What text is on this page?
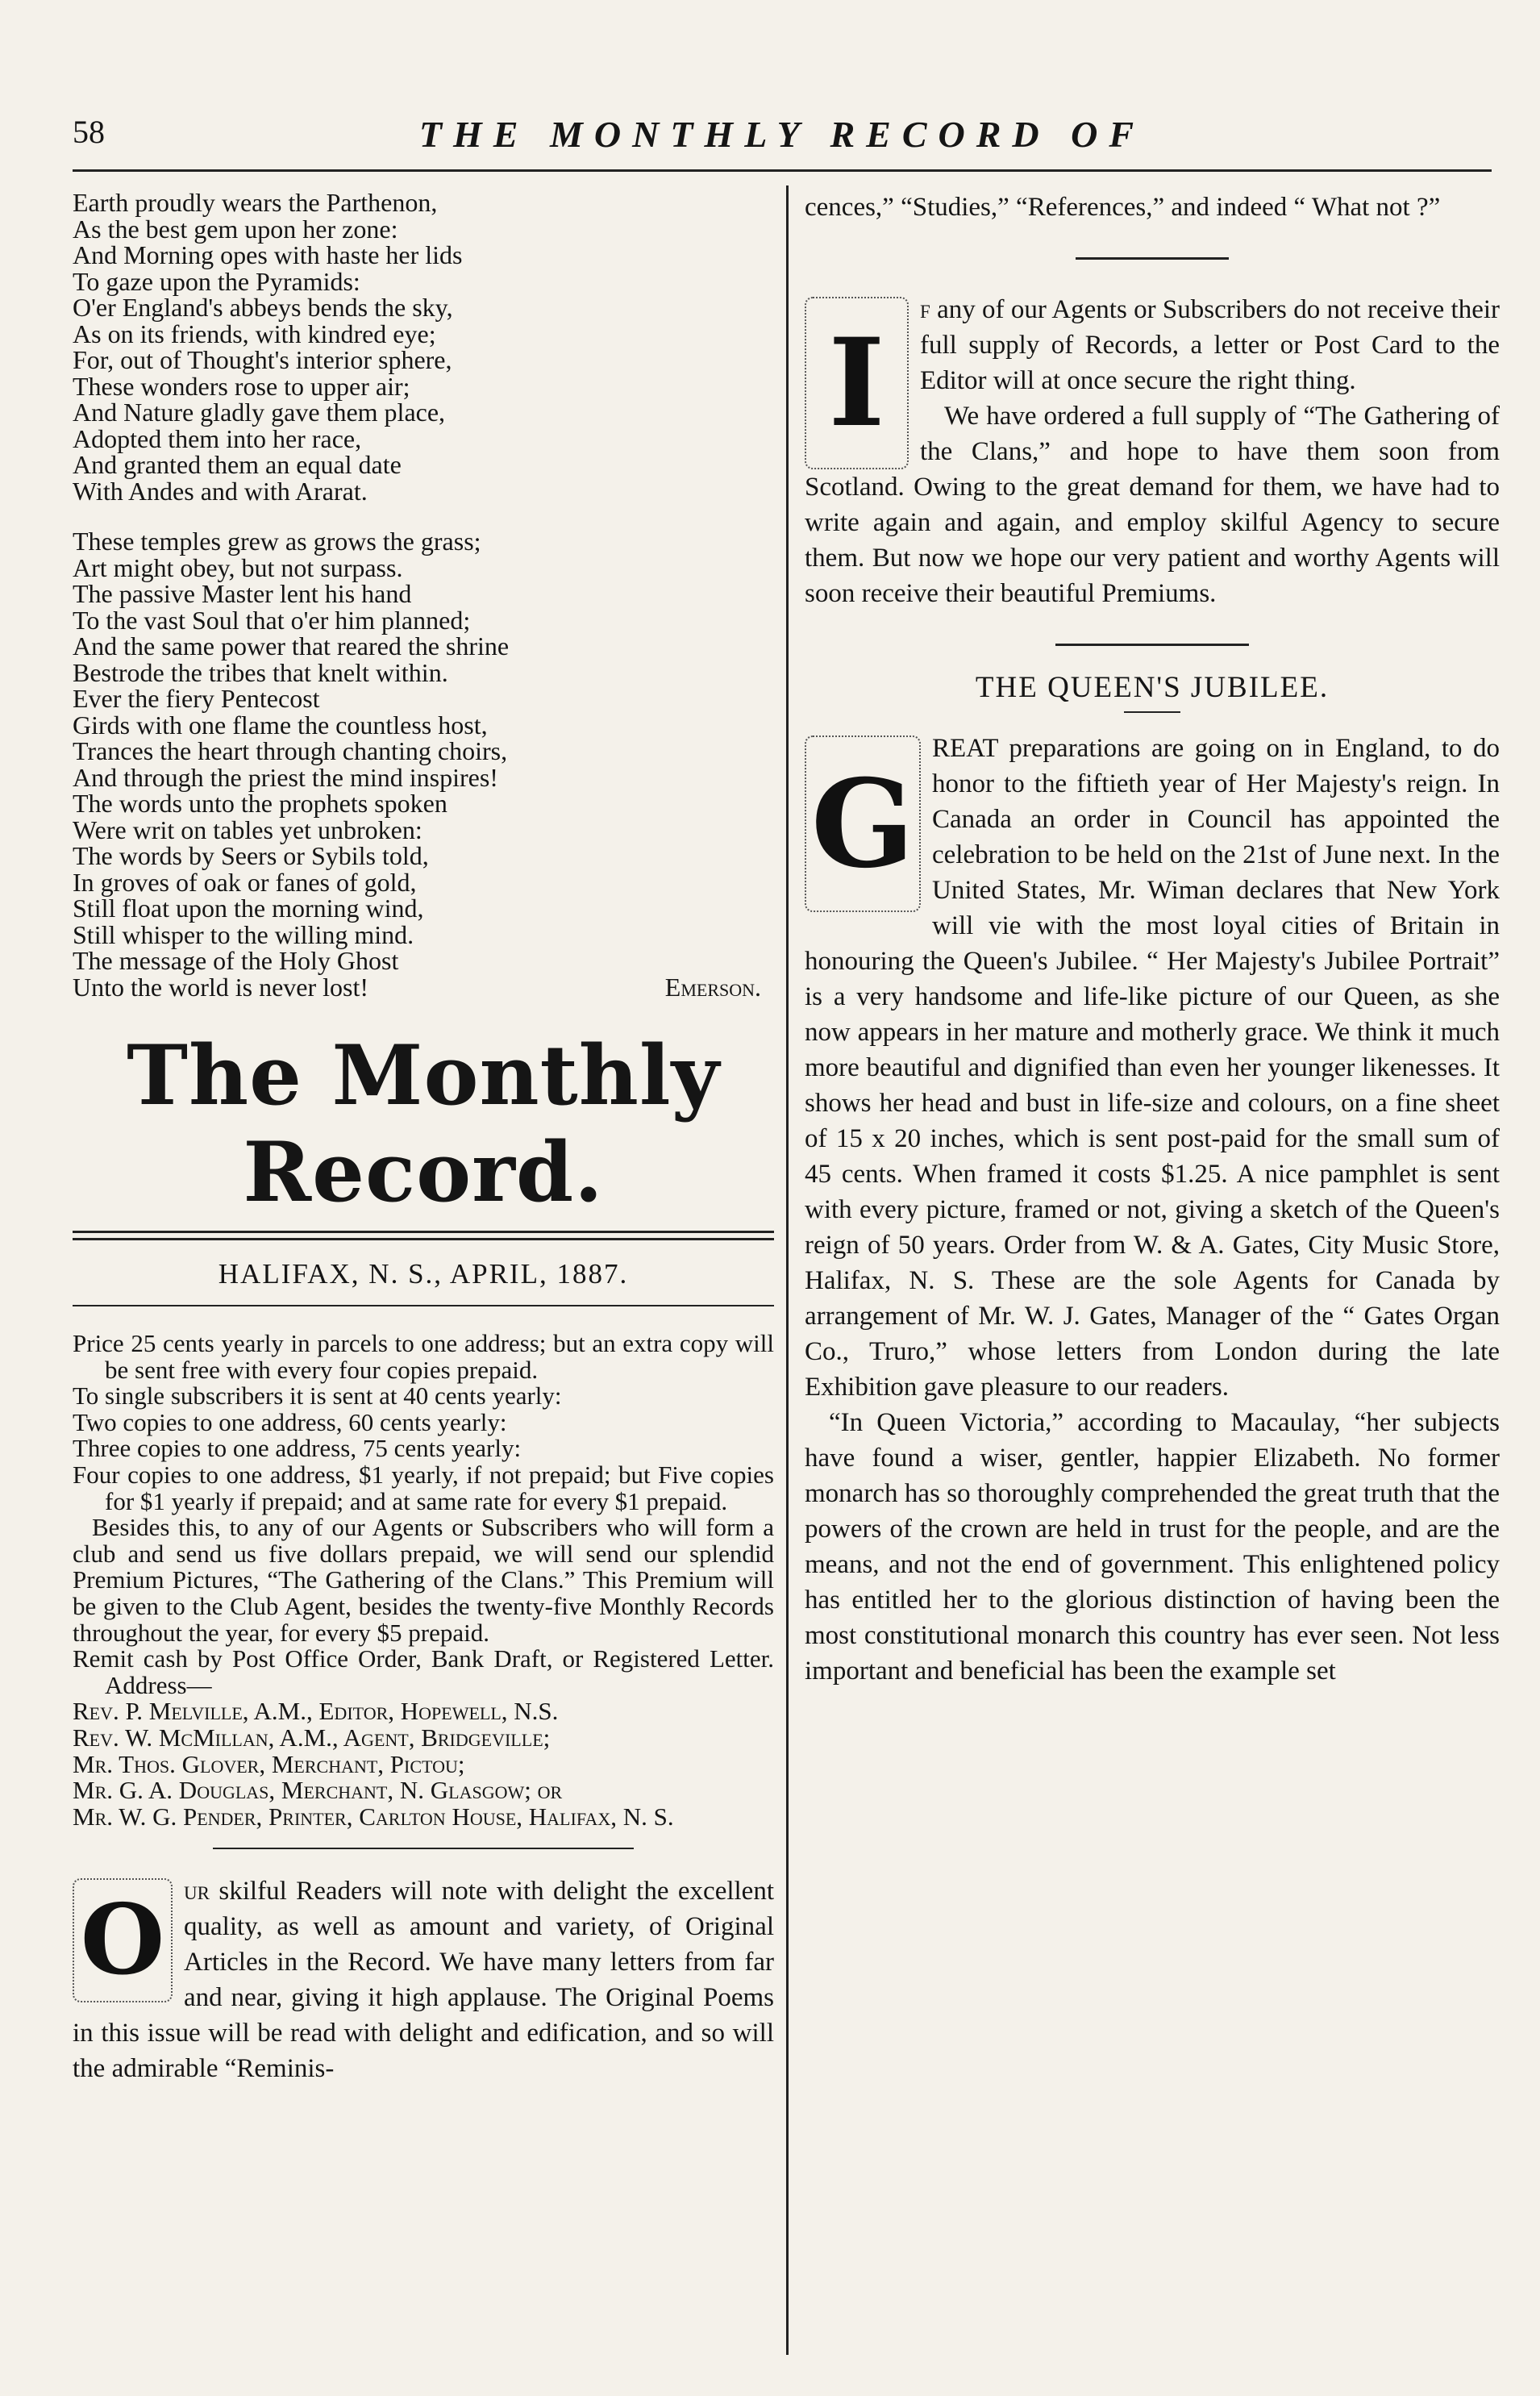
58	THE MONTHLY RECORD OF
Earth proudly wears the Parthenon,
As the best gem upon her zone:
And Morning opes with haste her lids
To gaze upon the Pyramids:
O'er England's abbeys bends the sky,
As on its friends, with kindred eye;
For, out of Thought's interior sphere,
These wonders rose to upper air;
And Nature gladly gave them place,
Adopted them into her race,
And granted them an equal date
With Andes and with Ararat.
These temples grew as grows the grass;
Art might obey, but not surpass.
The passive Master lent his hand
To the vast Soul that o'er him planned;
And the same power that reared the shrine
Bestrode the tribes that knelt within.
Ever the fiery Pentecost
Girds with one flame the countless host,
Trances the heart through chanting choirs,
And through the priest the mind inspires!
The words unto the prophets spoken
Were writ on tables yet unbroken:
The words by Seers or Sybils told,
In groves of oak or fanes of gold,
Still float upon the morning wind,
Still whisper to the willing mind.
The message of the Holy Ghost
Unto the world is never lost!	Emerson.
The Monthly Record.
HALIFAX, N. S., APRIL, 1887.

Price 25 cents yearly in parcels to one address; but an extra copy will be sent free with every four copies prepaid.

To single subscribers it is sent at 40 cents yearly:

Two copies to one address, 60 cents yearly:

Three copies to one address, 75 cents yearly:

Four copies to one address, $1 yearly, if not prepaid; but Five copies for $1 yearly if prepaid; and at same rate for every $1 prepaid.

Besides this, to any of our Agents or Subscribers who will form a club and send us five dollars prepaid, we will send our splendid Premium Pictures, “The Gathering of the Clans.” This Premium will be given to the Club Agent, besides the twenty-five Monthly Records throughout the year, for every $5 prepaid.

Remit cash by Post Office Order, Bank Draft, or Registered Letter. Address—

Rev. P. Melville, A.M., Editor, Hopewell, N.S.
Rev. W. McMillan, A.M., Agent, Bridgeville;
Mr. Thos. Glover, Merchant, Pictou;
Mr. G. A. Douglas, Merchant, N. Glasgow; or
Mr. W. G. Pender, Printer, Carlton House, Halifax, N. S.
O ur skilful Readers will note with delight the excellent quality, as well as amount and variety, of Original Articles in the Record. We have many letters from far and near, giving it high applause. The Original Poems in this issue will be read with delight and edification, and so will the admirable “Reminis-

cences,” “Studies,” “References,” and indeed “ What not ?”

I
f any of our Agents or Subscribers do not receive their full supply of Records, a letter or Post Card to the Editor will at once secure the right thing.

We have ordered a full supply of “The Gathering of the Clans,” and hope to have them soon from Scotland. Owing to the great demand for them, we have had to write again and again, and employ skilful Agency to secure them. But now we hope our very patient and worthy Agents will soon receive their beautiful Premiums.

THE QUEEN'S JUBILEE.

G
REAT preparations are going on in England, to do honor to the fiftieth year of Her Majesty's reign. In Canada an order in Council has appointed the celebration to be held on the 21st of June next. In the United States, Mr. Wiman declares that New York will vie with the most loyal cities of Britain in honouring the Queen's Jubilee. “ Her Majesty's Jubilee Portrait” is a very handsome and life-like picture of our Queen, as she now appears in her mature and motherly grace. We think it much more beautiful and dignified than even her younger likenesses. It shows her head and bust in life-size and colours, on a fine sheet of 15 x 20 inches, which is sent post-paid for the small sum of 45 cents. When framed it costs $1.25. A nice pamphlet is sent with every picture, framed or not, giving a sketch of the Queen's reign of 50 years. Order from W. & A. Gates, City Music Store, Halifax, N. S. These are the sole Agents for Canada by arrangement of Mr. W. J. Gates, Manager of the “ Gates Organ Co., Truro,” whose letters from London during the late Exhibition gave pleasure to our readers.

“In Queen Victoria,” according to Macaulay, “her subjects have found a wiser, gentler, happier Elizabeth. No former monarch has so thoroughly comprehended the great truth that the powers of the crown are held in trust for the people, and are the means, and not the end of government. This enlightened policy has entitled her to the glorious distinction of having been the most constitutional monarch this country has ever seen. Not less important and beneficial has been the example set
